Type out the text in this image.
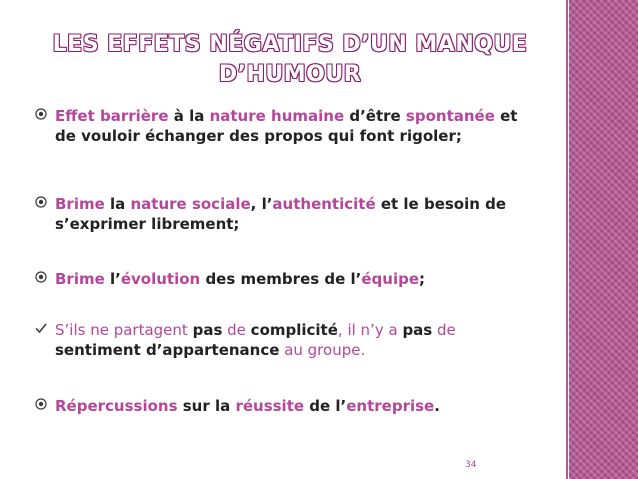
LES EFFETS NÉGATIFS D’UN MANQUE
D’HUMOUR
Effet barrière à la nature humaine d’être spontanée et de vouloir échanger des propos qui font rigoler;
Brime la nature sociale, l’authenticité et le besoin de s’exprimer librement;
Brime l’évolution des membres de l’équipe;
S’ils ne partagent pas de complicité, il n’y a pas de sentiment d’appartenance au groupe.
Répercussions sur la réussite de l’entreprise.
34
